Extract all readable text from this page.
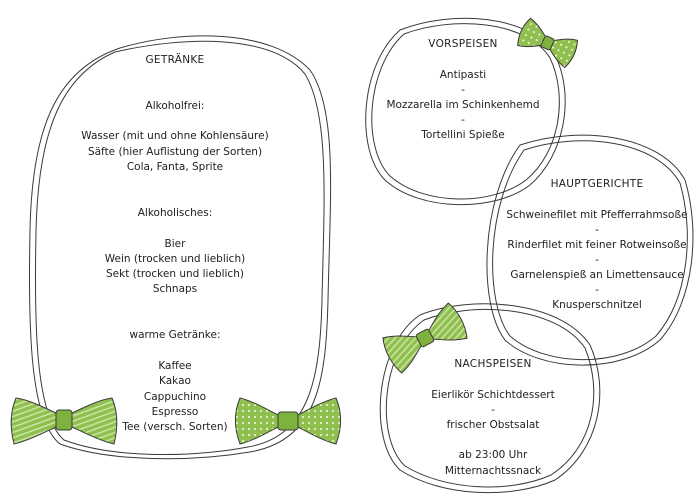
GETRÄNKE
Alkoholfrei:
Wasser (mit und ohne Kohlensäure)
Säfte (hier Auflistung der Sorten)
Cola, Fanta, Sprite
Alkoholisches:
Bier
Wein (trocken und lieblich)
Sekt (trocken und lieblich)
Schnaps
warme Getränke:
Kaffee
Kakao
Cappuchino
Espresso
Tee (versch. Sorten)
VORSPEISEN
Antipasti
-
Mozzarella im Schinkenhemd
-
Tortellini Spieße
HAUPTGERICHTE
Schweinefilet mit Pfefferrahmsoße
-
Rinderfilet mit feiner Rotweinsoße
-
Garnelenspieß an Limettensauce
-
Knusperschnitzel
NACHSPEISEN
Eierlikör Schichtdessert
-
frischer Obstsalat
ab 23:00 Uhr
Mitternachtssnack
